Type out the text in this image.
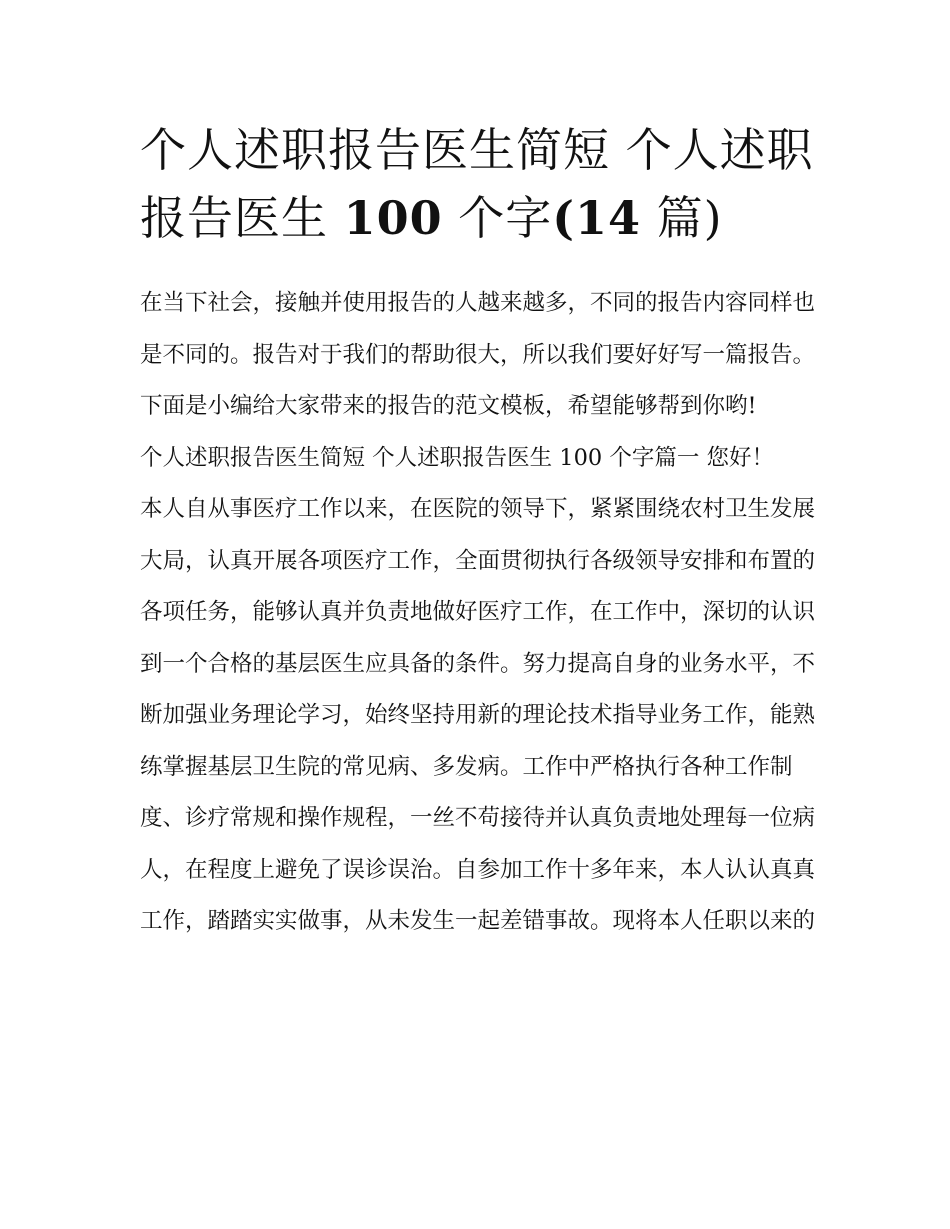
个人述职报告医生简短 个人述职报告医生 100 个字(14 篇)

在当下社会，接触并使用报告的人越来越多，不同的报告内容同样也是不同的。报告对于我们的帮助很大，所以我们要好好写一篇报告。下面是小编给大家带来的报告的范文模板，希望能够帮到你哟!

个人述职报告医生简短 个人述职报告医生 100 个字篇一 您好！

本人自从事医疗工作以来，在医院的领导下，紧紧围绕农村卫生发展大局，认真开展各项医疗工作，全面贯彻执行各级领导安排和布置的各项任务，能够认真并负责地做好医疗工作，在工作中，深切的认识到一个合格的基层医生应具备的条件。努力提高自身的业务水平，不断加强业务理论学习，始终坚持用新的理论技术指导业务工作，能熟练掌握基层卫生院的常见病、多发病。工作中严格执行各种工作制度、诊疗常规和操作规程，一丝不苟接待并认真负责地处理每一位病人，在程度上避免了误诊误治。自参加工作十多年来，本人认认真真工作，踏踏实实做事，从未发生一起差错事故。现将本人任职以来的
